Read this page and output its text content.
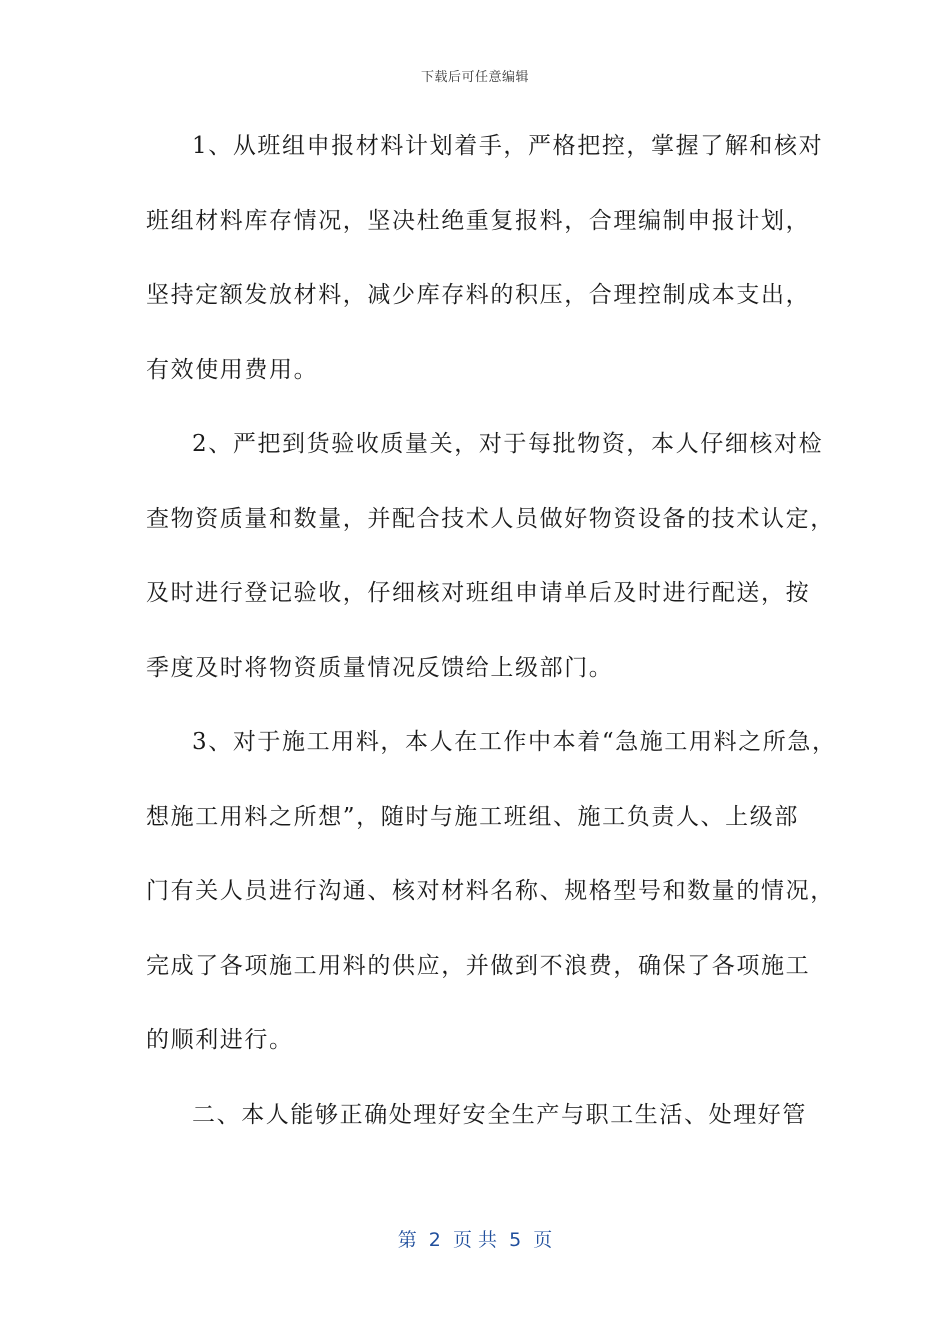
下载后可任意编辑
1、从班组申报材料计划着手，严格把控，掌握了解和核对
班组材料库存情况，坚决杜绝重复报料，合理编制申报计划，
坚持定额发放材料，减少库存料的积压，合理控制成本支出，
有效使用费用。
2、严把到货验收质量关，对于每批物资，本人仔细核对检
查物资质量和数量，并配合技术人员做好物资设备的技术认定，
及时进行登记验收，仔细核对班组申请单后及时进行配送，按
季度及时将物资质量情况反馈给上级部门。
3、对于施工用料，本人在工作中本着“急施工用料之所急，
想施工用料之所想”，随时与施工班组、施工负责人、上级部
门有关人员进行沟通、核对材料名称、规格型号和数量的情况，
完成了各项施工用料的供应，并做到不浪费，确保了各项施工
的顺利进行。
二、本人能够正确处理好安全生产与职工生活、处理好管
第  2  页 共  5  页
